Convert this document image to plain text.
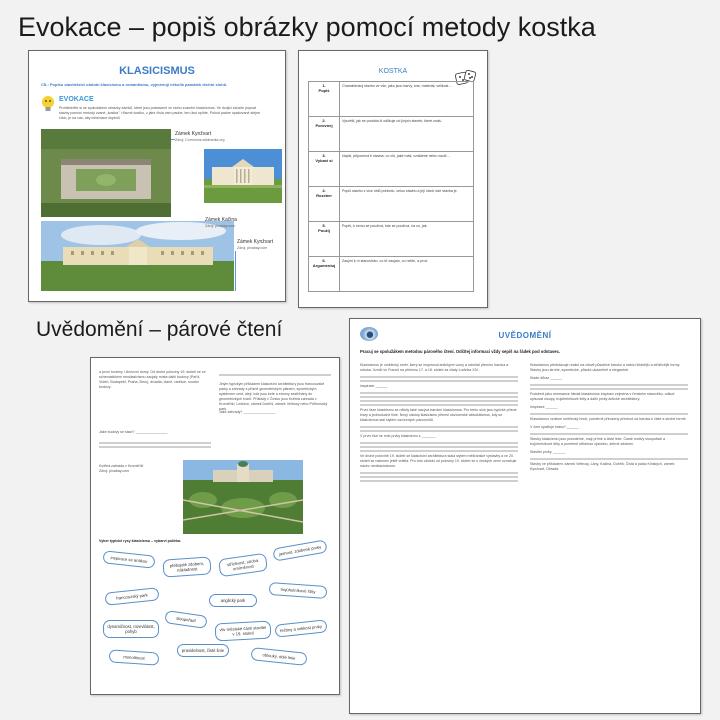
Evokace – popiš obrázky pomocí metody kostka
KLASICISMUS
CÍL: Popíšu stavitelství období klasicismu a romantismu, vyjmenuji několik památek těchto slohů.
EVOKACE
Prohlédněte si se spolužákem obrázky zámků, které jsou postavené ve slohu zvaném klasicismus. Ve dvojici zkusíte popsat stavby pomocí metody zvané „kostka". Hlavně kostku, z jaké čísla vám padne, ten úkol splňte. Pokud padne opakovaně stejné číslo, je na vás, aby informace doplnili.
Zámek Kynžvart
Zdroj: Commons.wikimedia.org
Zámek Kačina
Zdroj: pixabay.com
Zámek Kynžvart
Zdroj: pixabay.com
KOSTKA
1.
Popiš	Charakterizuj stavbu ve vše, jako jsou barvy, tvar, materiál, velikost…

2.
Porovnej	Vysvětli, jak se podobá či odlišuje od jiných staveb, které znáš.

3.
Vybavi si	Napiš, připomíná ti stavba, co víš, jaké máš, vzdálené nebo rozdíl…

4.
Rozeber	Popiš stavbu z vice úhlů pohledu, celou stavbu a její části, kde stavba je.

5.
Použij	Popiš, k čemu se používá, kde se používá, na co, jak.

6.
Argumentuj	Zaujmi k ní stanovisko, co tě zaujalo, co nelíbí, a proč.
Uvědomění – párové čtení
a první továrny i činžovní domy. Od druhé poloviny 19. století se ve schematickém neoklasicismu zaujaly místa další budovy (Paříž, Vídeň, Budapešť, Praha, Brno), divadla, lázně, radnice, soudní budovy.
Jiným typickým příkladem klasicistní architektury jsou francouzské parky a zahrady s přísně geometrickým plánem, symetrickým systémem cest, alejí, kde jsou keře a stromy sestříhány do geometrických tvarů. Příklady v Česku jsou Květná zahrada v Kroměříži, Lednice, zámek Dobříš, zámek Veltrusy nebo Průhonický park.
Jaké budovy se staví? ________________
Jaké zahrady? ________________
Květná zahrada v Kroměříži
Zdroj: pixabay.com
Vyber typické rysy klasicismu – vybarvi políčka.
inspirace se antikou
přebujelé zdobení, nákladnost
střízlivost, strohá umírněnost
jasnost, zdobené prvky
francouzský park	anglický park
trojúhelníkové štíty
dynamičnost, rozevlátost, pohyb
sloupořadí
vliv městské části stavitel v 19. století
řečtiny a velikost prvky
monolitnost
pravidelnost, čisté linie
oblouky, oblé linie
UVĚDOMĚNÍ
Pracuj se spolužákem metodou párového čtení. Odčítej informaci vždy sepiš na řádek pod odstavec.
Klasicismus je umělecký směr, který se inspiroval antickými vzory a odmítal přemíru baroka a rokoka. Vznikl ve Francii na přelomu 17. a 18. století za vlády Ludvíka XIV.
inspirace ______
První fáze klasicismu se někdy také nazývá barokní klasicismus. Pro tento sloh jsou typické přísné tvary a jednoduché linie. Nový nástup klasicismu přinesl osvícenské absolutismus, kdy se klasicismus stal stylem osvícených panovníků.
V první fázi se mísí prvky klasicismu s _______
Ve druhé polovině 19. století se klasicistní architektura stala stylem měšťanské výstavby a ve 20. století se nakonec ještě vrátila. Pro toto období od poloviny 19. století se u českých zemí označuje název neoklasicismus.
Klasicismus představuje reakci na citově působivé baroko a nabízí klidnější a střízlivější formy. Stavby jsou strohé, symetrické, působí ukázněně a elegantně.
Klade důraz ______
Podobně jako renesance hledal klasicismus inspiraci zejména v římském starověku, odkud opisoval sloupy, trojúhelníkové štíty a další prvky antické architektury.
Inspirace ______
Klasicismus vznikne umělecký hnutí, poměrně přirozený přechod od baroka k čisté a strohé formě.
V čem spatřuje krásu? ______
Stavby klasicismu jsou pravidelné, mají přímé a čisté linie. Časté motivy sloupořadí a trojúhelníkové štíty a poměrně střídmou výzdobu, šetrné zdobení.
Stavitel prvky: ______
Stavby ve příkladem: zámek Veltrusy, Lány, Kačina, Dobříš, Čistá a palác Kinských, zámek Kynžvart, Ohrada.
